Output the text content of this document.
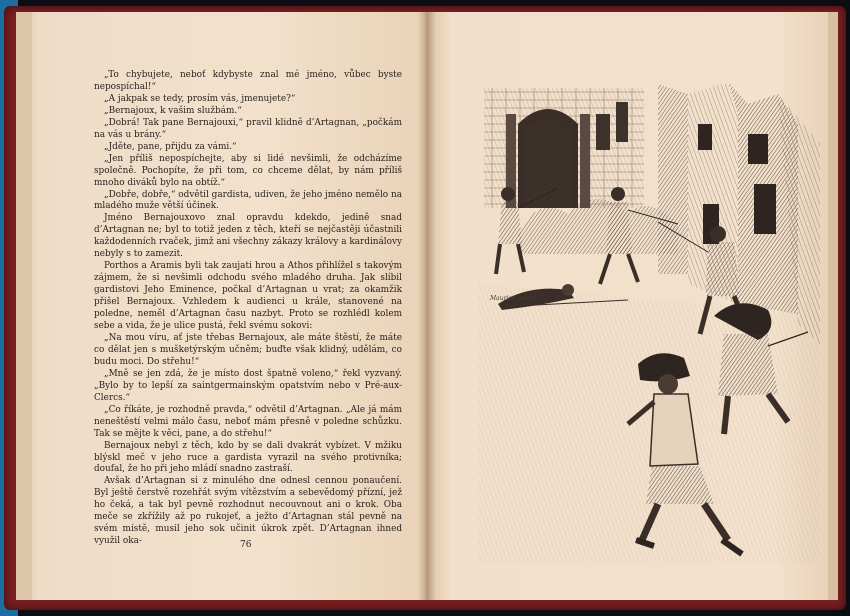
„To chybujete, neboť kdybyste znal mé jméno, vůbec byste nepospíchal!“

„A jakpak se tedy, prosím vás, jmenujete?“

„Bernajoux, k vašim službám.“

„Dobrá! Tak pane Bernajouxi,“ pravil klidně d’Artagnan, „počkám na vás u brány.“

„Jděte, pane, přijdu za vámi.“

„Jen příliš nepospíchejte, aby si lidé nevšimli, že odcházíme společně. Pochopíte, že při tom, co chceme dělat, by nám příliš mnoho diváků bylo na obtíž.“

„Dobře, dobře,“ odvětil gardista, udiven, že jeho jméno nemělo na mladého muže větší účinek.

Jméno Bernajouxovo znal opravdu kdekdo, jedině snad d’Artagnan ne; byl to totiž jeden z těch, kteří se nejčastěji účastnili každodenních rvaček, jimž ani všechny zákazy královy a kardinálovy nebyly s to zamezit.

Porthos a Aramis byli tak zaujati hrou a Athos přihlížel s takovým zájmem, že si nevšimli odchodu svého mladého druha. Jak slíbil gardistovi Jeho Eminence, počkal d’Artagnan u vrat; za okamžik přišel Bernajoux. Vzhledem k audienci u krále, stanovené na poledne, neměl d’Artagnan času nazbyt. Proto se rozhlédl kolem sebe a vida, že je ulice pustá, řekl svému sokovi:

„Na mou víru, ať jste třebas Bernajoux, ale máte štěstí, že máte co dělat jen s mušketýrským učněm; buďte však klidný, udělám, co budu moci. Do střehu!“

„Mně se jen zdá, že je místo dost špatně voleno,“ řekl vyzvaný. „Bylo by to lepší za saintgermainským opatstvím nebo v Pré-aux-Clercs.“

„Co říkáte, je rozhodně pravda,“ odvětil d’Artagnan. „Ale já mám neneštěstí velmi málo času, neboť mám přesně v poledne schůzku. Tak se mějte k věci, pane, a do střehu!“

Bernajoux nebyl z těch, kdo by se dali dvakrát vybízet. V mžiku blýskl meč v jeho ruce a gardista vyrazil na svého protivníka; doufal, že ho při jeho mládí snadno zastraší.

Avšak d’Artagnan si z minulého dne odnesl cennou ponaučení. Byl ještě čerstvě rozehřát svým vítězstvím a sebevědomý přízní, jež ho čeká, a tak byl pevně rozhodnut necouvnout ani o krok. Oba meče se zkřížily až po rukojeť, a ježto d’Artagnan stál pevně na svém místě, musil jeho sok učinit úkrok zpět. D’Artagnan ihned využil oka-	76
Maurice Leloir
